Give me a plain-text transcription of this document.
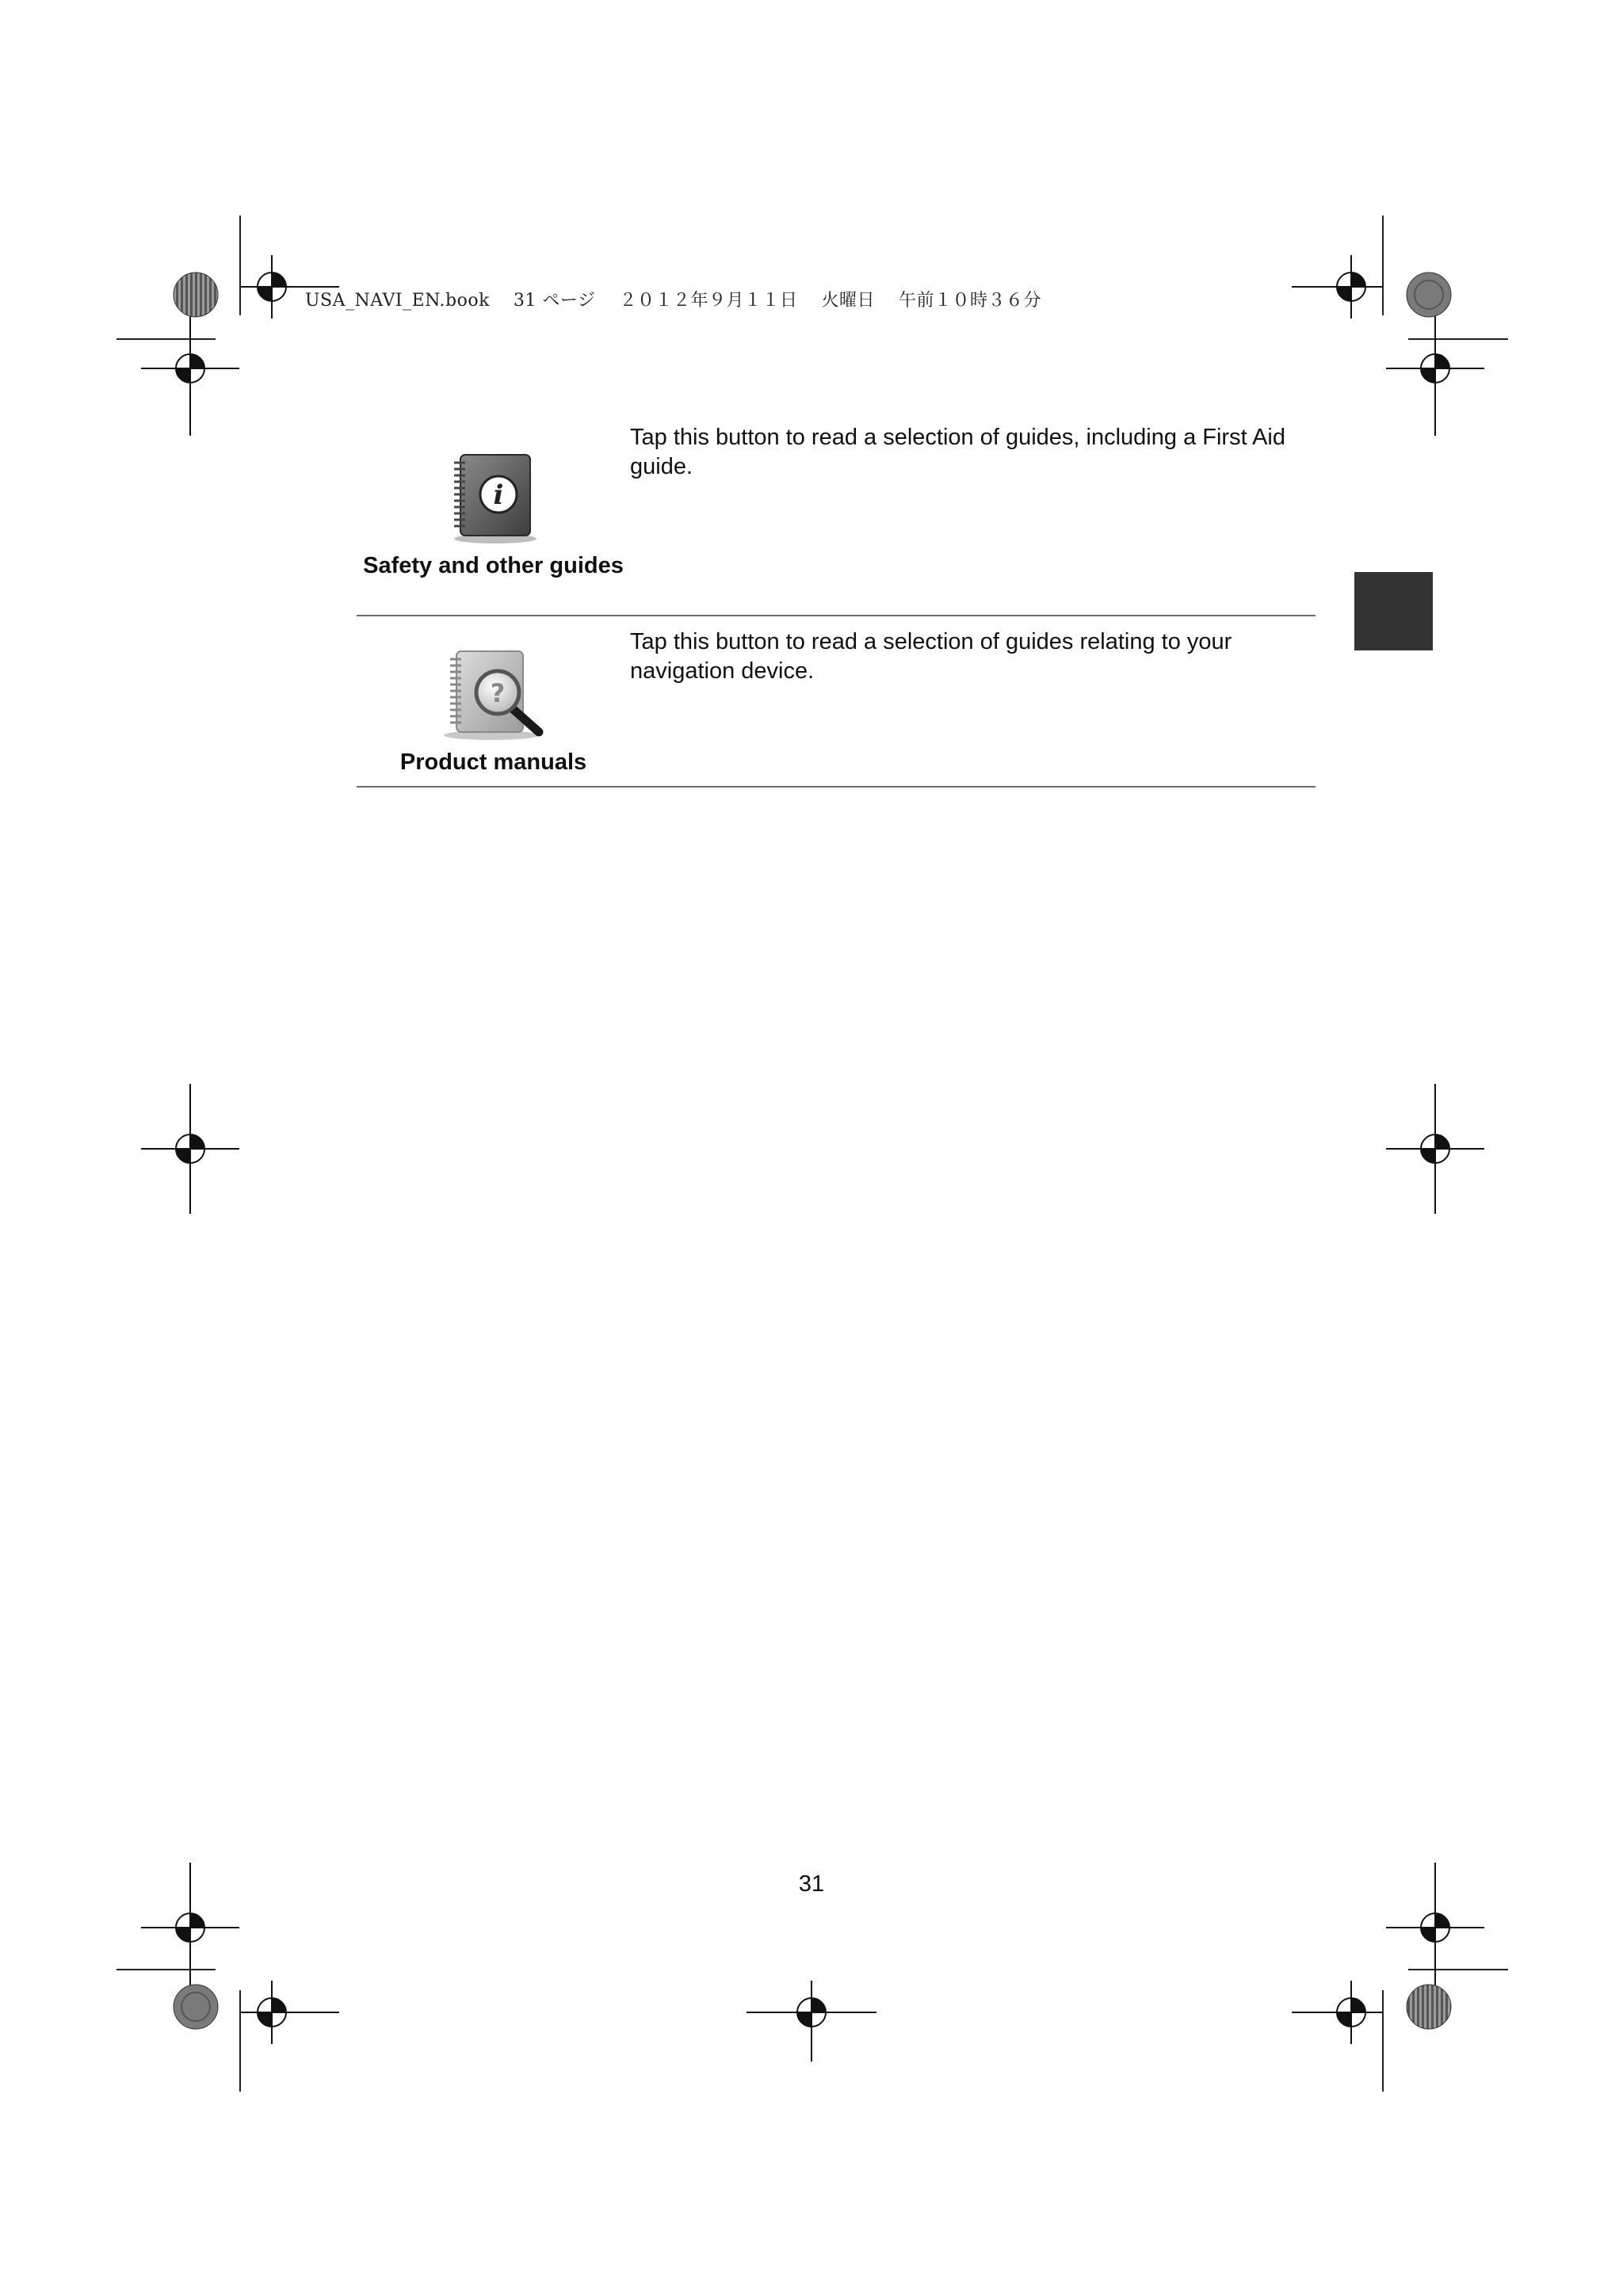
USA_NAVI_EN.book　 31 ページ　 ２０１２年９月１１日　 火曜日　 午前１０時３６分
i
Safety and other guides
Tap this button to read a selection of guides, including a First Aid guide.
?
Product manuals
Tap this button to read a selection of guides relating to your navigation device.
31
